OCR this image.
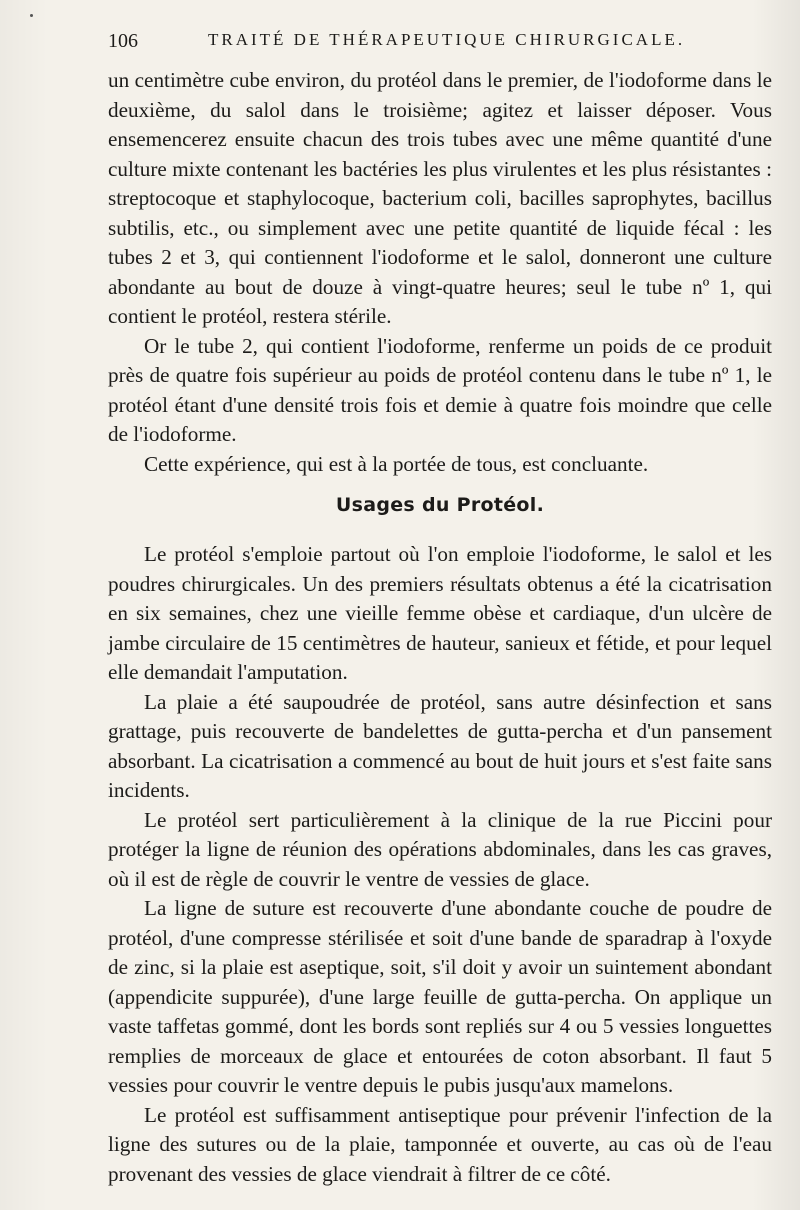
106	TRAITÉ DE THÉRAPEUTIQUE CHIRURGICALE.

un centimètre cube environ, du protéol dans le premier, de l'iodoforme dans le deuxième, du salol dans le troisième; agitez et laisser déposer. Vous ensemencerez ensuite chacun des trois tubes avec une même quantité d'une culture mixte contenant les bactéries les plus virulentes et les plus résistantes : streptocoque et staphylocoque, bacterium coli, bacilles saprophytes, bacillus subtilis, etc., ou simplement avec une petite quantité de liquide fécal : les tubes 2 et 3, qui contiennent l'iodoforme et le salol, donneront une culture abondante au bout de douze à vingt-quatre heures; seul le tube nº 1, qui contient le protéol, restera stérile.

Or le tube 2, qui contient l'iodoforme, renferme un poids de ce produit près de quatre fois supérieur au poids de protéol contenu dans le tube nº 1, le protéol étant d'une densité trois fois et demie à quatre fois moindre que celle de l'iodoforme.

Cette expérience, qui est à la portée de tous, est concluante.

Usages du Protéol.

Le protéol s'emploie partout où l'on emploie l'iodoforme, le salol et les poudres chirurgicales. Un des premiers résultats obtenus a été la cicatrisation en six semaines, chez une vieille femme obèse et cardiaque, d'un ulcère de jambe circulaire de 15 centimètres de hauteur, sanieux et fétide, et pour lequel elle demandait l'amputation.

La plaie a été saupoudrée de protéol, sans autre désinfection et sans grattage, puis recouverte de bandelettes de gutta-percha et d'un pansement absorbant. La cicatrisation a commencé au bout de huit jours et s'est faite sans incidents.

Le protéol sert particulièrement à la clinique de la rue Piccini pour protéger la ligne de réunion des opérations abdominales, dans les cas graves, où il est de règle de couvrir le ventre de vessies de glace.

La ligne de suture est recouverte d'une abondante couche de poudre de protéol, d'une compresse stérilisée et soit d'une bande de sparadrap à l'oxyde de zinc, si la plaie est aseptique, soit, s'il doit y avoir un suintement abondant (appendicite suppurée), d'une large feuille de gutta-percha. On applique un vaste taffetas gommé, dont les bords sont repliés sur 4 ou 5 vessies longuettes remplies de morceaux de glace et entourées de coton absorbant. Il faut 5 vessies pour couvrir le ventre depuis le pubis jusqu'aux mamelons.

Le protéol est suffisamment antiseptique pour prévenir l'infection de la ligne des sutures ou de la plaie, tamponnée et ouverte, au cas où de l'eau provenant des vessies de glace viendrait à filtrer de ce côté.
